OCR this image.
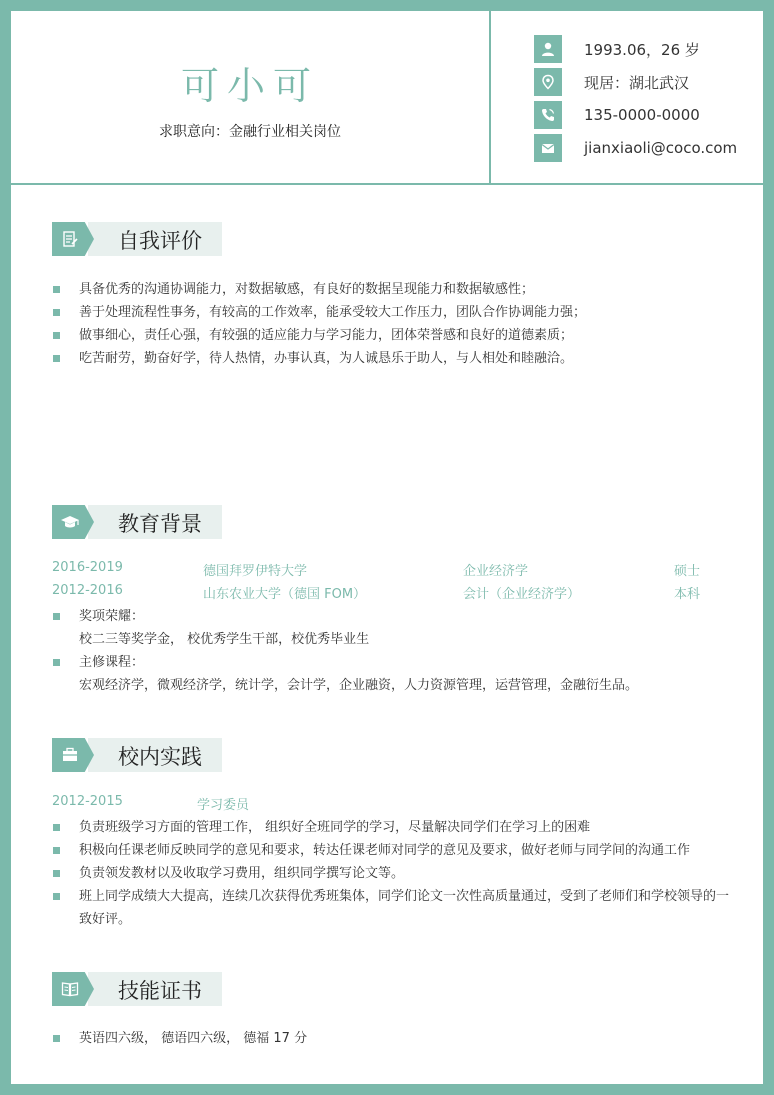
可小可
求职意向：金融行业相关岗位
1993.06，26 岁
现居：湖北武汉
135-0000-0000
jianxiaoli@coco.com
自我评价
具备优秀的沟通协调能力，对数据敏感，有良好的数据呈现能力和数据敏感性；
善于处理流程性事务，有较高的工作效率，能承受较大工作压力，团队合作协调能力强；
做事细心，责任心强，有较强的适应能力与学习能力，团体荣誉感和良好的道德素质；
吃苦耐劳，勤奋好学，待人热情，办事认真，为人诚恳乐于助人，与人相处和睦融洽。
教育背景
2016-2019	德国拜罗伊特大学	企业经济学	硕士
2012-2016	山东农业大学（德国 FOM）	会计（企业经济学）	本科
奖项荣耀：
校二三等奖学金， 校优秀学生干部，校优秀毕业生
主修课程：
宏观经济学，微观经济学，统计学，会计学，企业融资，人力资源管理，运营管理，金融衍生品。
校内实践
2012-2015	学习委员
负责班级学习方面的管理工作， 组织好全班同学的学习，尽量解决同学们在学习上的困难
积极向任课老师反映同学的意见和要求，转达任课老师对同学的意见及要求，做好老师与同学间的沟通工作
负责领发教材以及收取学习费用，组织同学撰写论文等。
班上同学成绩大大提高，连续几次获得优秀班集体，同学们论文一次性高质量通过，受到了老师们和学校领导的一致好评。
技能证书
英语四六级， 德语四六级， 德福 17 分
